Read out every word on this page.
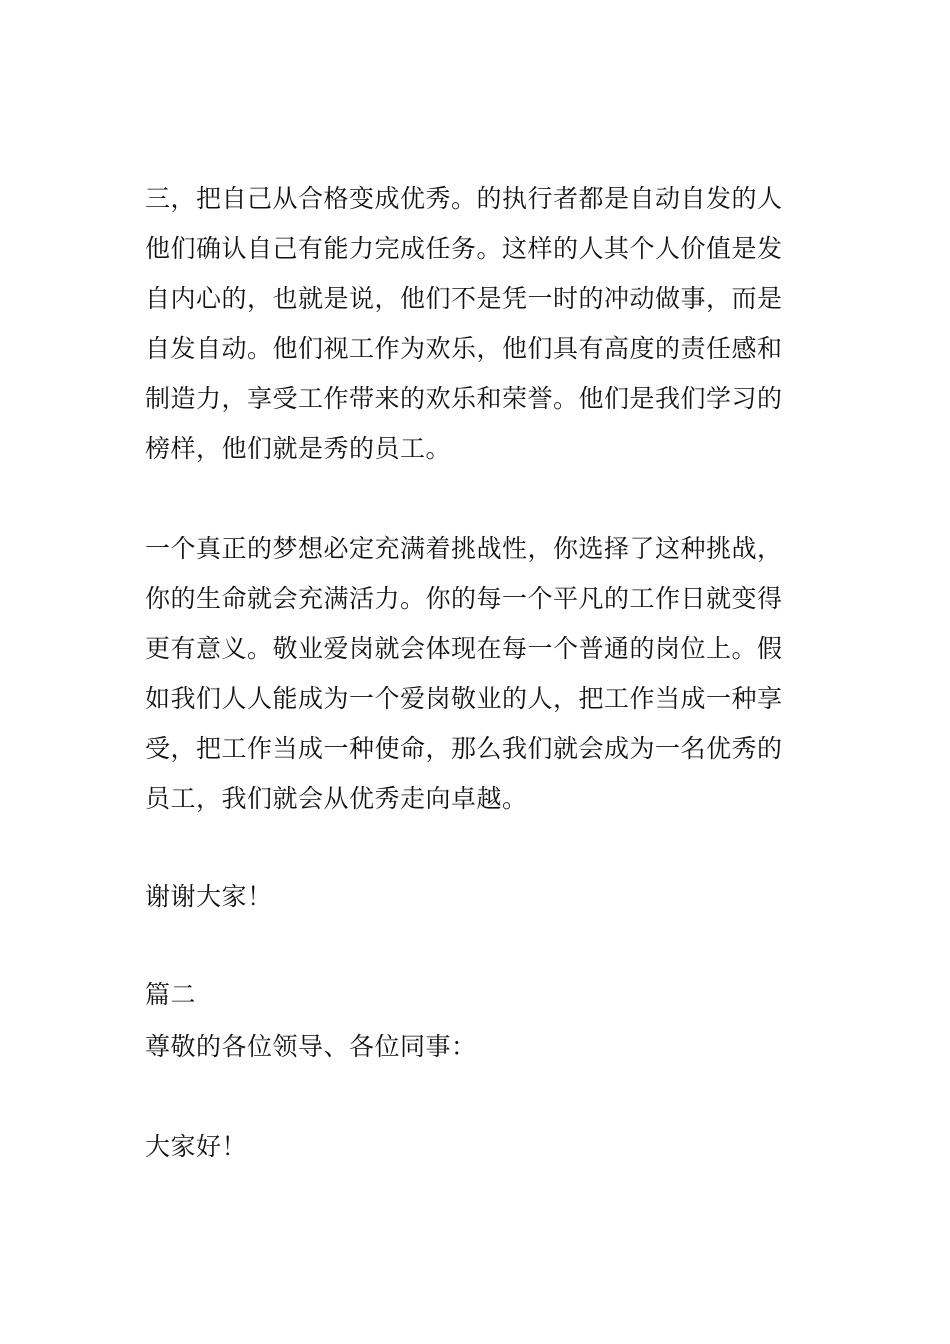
三，把自己从合格变成优秀。的执行者都是自动自发的人
他们确认自己有能力完成任务。这样的人其个人价值是发
自内心的，也就是说，他们不是凭一时的冲动做事，而是
自发自动。他们视工作为欢乐，他们具有高度的责任感和
制造力，享受工作带来的欢乐和荣誉。他们是我们学习的
榜样，他们就是秀的员工。
一个真正的梦想必定充满着挑战性，你选择了这种挑战，
你的生命就会充满活力。你的每一个平凡的工作日就变得
更有意义。敬业爱岗就会体现在每一个普通的岗位上。假
如我们人人能成为一个爱岗敬业的人，把工作当成一种享
受，把工作当成一种使命，那么我们就会成为一名优秀的
员工，我们就会从优秀走向卓越。
谢谢大家！
篇二
尊敬的各位领导、各位同事：
大家好！
